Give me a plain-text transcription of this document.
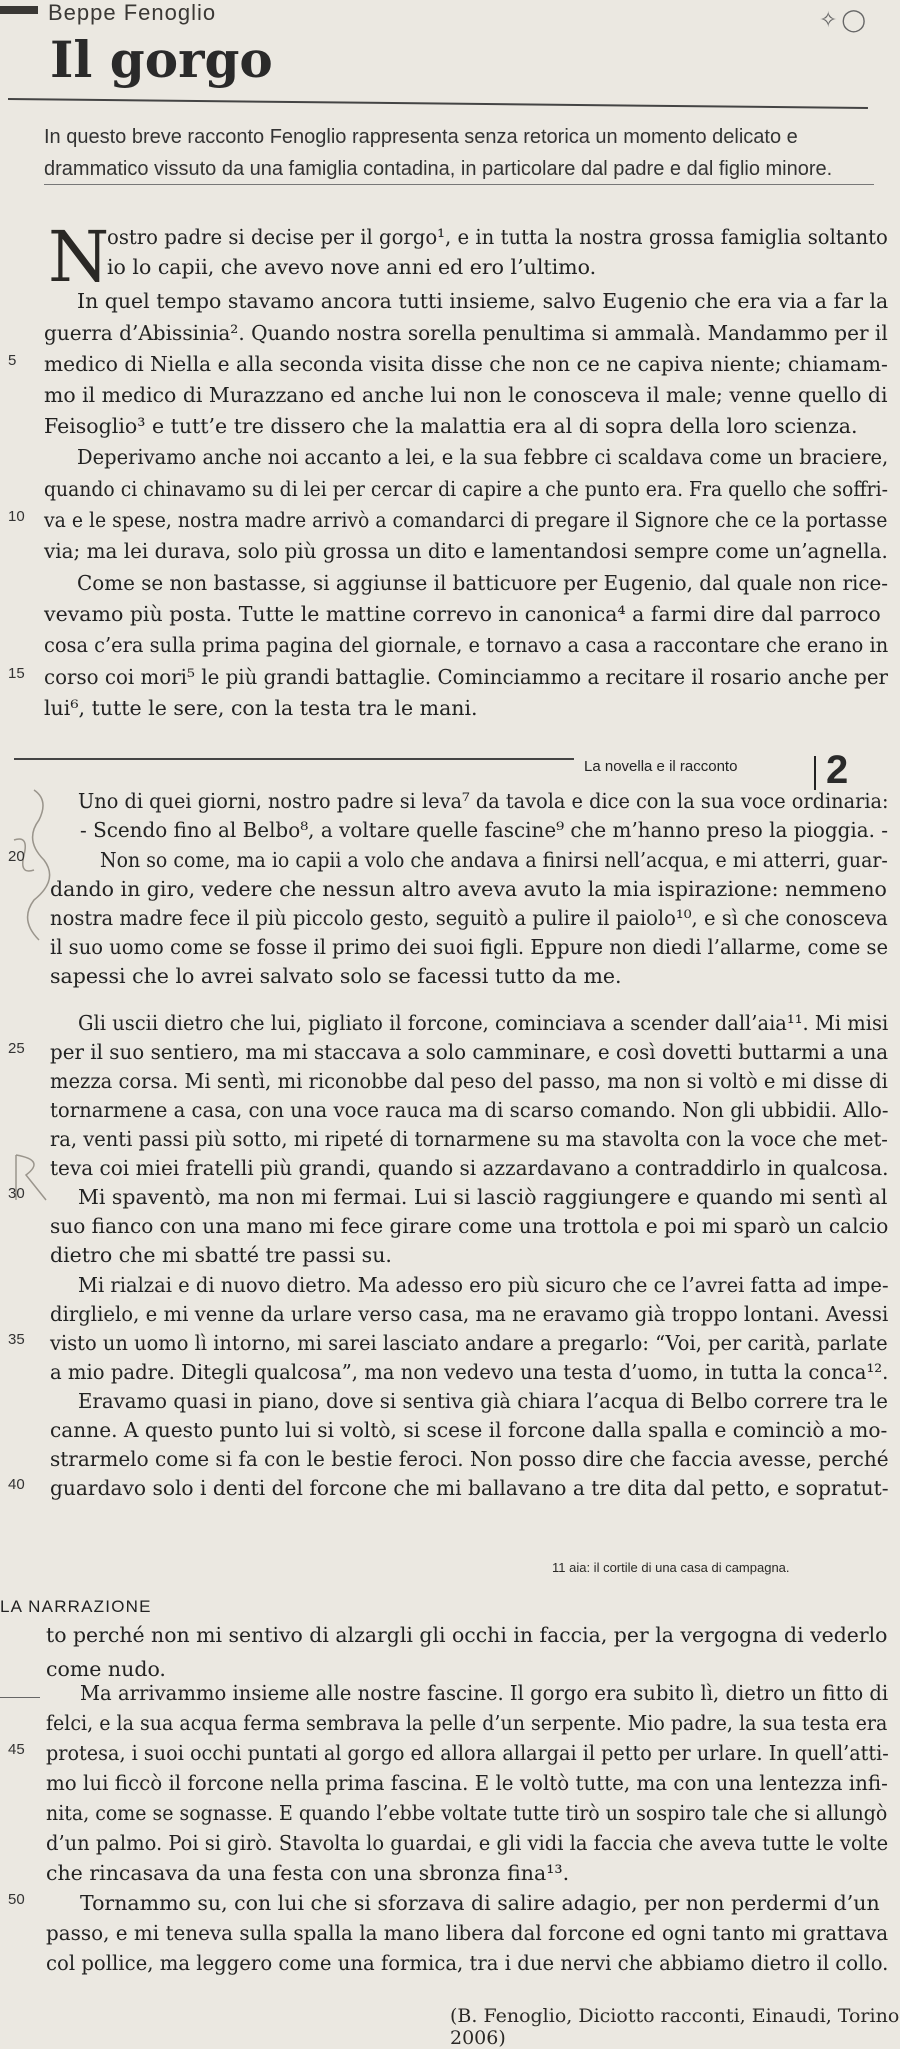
Beppe Fenoglio	✧ ◯
Il gorgo
In questo breve racconto Fenoglio rappresenta senza retorica un momento delicato e
drammatico vissuto da una famiglia contadina, in particolare dal padre e dal figlio minore.
N
ostro padre si decise per il gorgo¹, e in tutta la nostra grossa famiglia soltanto
io lo capii, che avevo nove anni ed ero l’ultimo.
In quel tempo stavamo ancora tutti insieme, salvo Eugenio che era via a far la
guerra d’Abissinia². Quando nostra sorella penultima si ammalà. Mandammo per il
medico di Niella e alla seconda visita disse che non ce ne capiva niente; chiamam-
mo il medico di Murazzano ed anche lui non le conosceva il male; venne quello di
Feisoglio³ e tutt’e tre dissero che la malattia era al di sopra della loro scienza.
Deperivamo anche noi accanto a lei, e la sua febbre ci scaldava come un braciere,
quando ci chinavamo su di lei per cercar di capire a che punto era. Fra quello che soffri-
va e le spese, nostra madre arrivò a comandarci di pregare il Signore che ce la portasse
via; ma lei durava, solo più grossa un dito e lamentandosi sempre come un’agnella.
Come se non bastasse, si aggiunse il batticuore per Eugenio, dal quale non rice-
vevamo più posta. Tutte le mattine correvo in canonica⁴ a farmi dire dal parroco
cosa c’era sulla prima pagina del giornale, e tornavo a casa a raccontare che erano in
corso coi mori⁵ le più grandi battaglie. Cominciammo a recitare il rosario anche per
lui⁶, tutte le sere, con la testa tra le mani.
5
10
15
La novella e il racconto 2
Uno di quei giorni, nostro padre si leva⁷ da tavola e dice con la sua voce ordinaria:
- Scendo fino al Belbo⁸, a voltare quelle fascine⁹ che m’hanno preso la pioggia. -
Non so come, ma io capii a volo che andava a finirsi nell’acqua, e mi atterri, guar-
dando in giro, vedere che nessun altro aveva avuto la mia ispirazione: nemmeno
nostra madre fece il più piccolo gesto, seguitò a pulire il paiolo¹⁰, e sì che conosceva
il suo uomo come se fosse il primo dei suoi figli. Eppure non diedi l’allarme, come se
sapessi che lo avrei salvato solo se facessi tutto da me.
Gli uscii dietro che lui, pigliato il forcone, cominciava a scender dall’aia¹¹. Mi misi
per il suo sentiero, ma mi staccava a solo camminare, e così dovetti buttarmi a una
mezza corsa. Mi sentì, mi riconobbe dal peso del passo, ma non si voltò e mi disse di
tornarmene a casa, con una voce rauca ma di scarso comando. Non gli ubbidii. Allo-
ra, venti passi più sotto, mi ripeté di tornarmene su ma stavolta con la voce che met-
teva coi miei fratelli più grandi, quando si azzardavano a contraddirlo in qualcosa.
Mi spaventò, ma non mi fermai. Lui si lasciò raggiungere e quando mi sentì al
suo fianco con una mano mi fece girare come una trottola e poi mi sparò un calcio
dietro che mi sbatté tre passi su.
Mi rialzai e di nuovo dietro. Ma adesso ero più sicuro che ce l’avrei fatta ad impe-
dirglielo, e mi venne da urlare verso casa, ma ne eravamo già troppo lontani. Avessi
visto un uomo lì intorno, mi sarei lasciato andare a pregarlo: “Voi, per carità, parlate
a mio padre. Ditegli qualcosa”, ma non vedevo una testa d’uomo, in tutta la conca¹².
Eravamo quasi in piano, dove si sentiva già chiara l’acqua di Belbo correre tra le
canne. A questo punto lui si voltò, si scese il forcone dalla spalla e cominciò a mo-
strarmelo come si fa con le bestie feroci. Non posso dire che faccia avesse, perché
guardavo solo i denti del forcone che mi ballavano a tre dita dal petto, e sopratut-
20
25
30
35
40
11 aia: il cortile di una casa di campagna.
LA NARRAZIONE
to perché non mi sentivo di alzargli gli occhi in faccia, per la vergogna di vederlo
come nudo.
Ma arrivammo insieme alle nostre fascine. Il gorgo era subito lì, dietro un fitto di
felci, e la sua acqua ferma sembrava la pelle d’un serpente. Mio padre, la sua testa era
protesa, i suoi occhi puntati al gorgo ed allora allargai il petto per urlare. In quell’atti-
mo lui ficcò il forcone nella prima fascina. E le voltò tutte, ma con una lentezza infi-
nita, come se sognasse. E quando l’ebbe voltate tutte tirò un sospiro tale che si allungò
d’un palmo. Poi si girò. Stavolta lo guardai, e gli vidi la faccia che aveva tutte le volte
che rincasava da una festa con una sbronza fina¹³.
Tornammo su, con lui che si sforzava di salire adagio, per non perdermi d’un
passo, e mi teneva sulla spalla la mano libera dal forcone ed ogni tanto mi grattava
col pollice, ma leggero come una formica, tra i due nervi che abbiamo dietro il collo.
45
50
(B. Fenoglio, Diciotto racconti, Einaudi, Torino 2006)
